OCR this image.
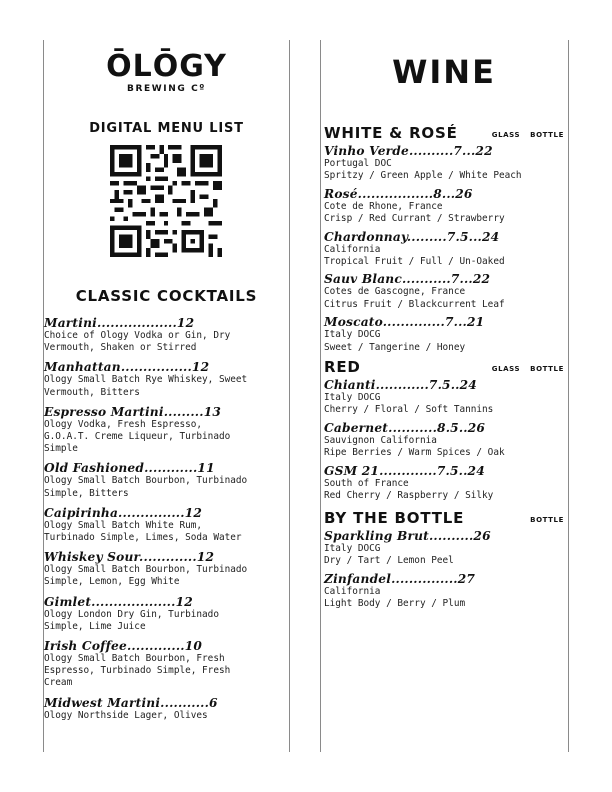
ŌLŌGY
BREWING Cº
DIGITAL MENU LIST
CLASSIC COCKTAILS
Martini..................12
Choice of Ology Vodka or Gin, Dry
Vermouth, Shaken or Stirred
Manhattan................12
Ology Small Batch Rye Whiskey, Sweet
Vermouth, Bitters
Espresso Martini.........13
Ology Vodka, Fresh Espresso,
G.O.A.T. Creme Liqueur, Turbinado
Simple
Old Fashioned............11
Ology Small Batch Bourbon, Turbinado
Simple, Bitters
Caipirinha...............12
Ology Small Batch White Rum,
Turbinado Simple, Limes, Soda Water
Whiskey Sour.............12
Ology Small Batch Bourbon, Turbinado
Simple, Lemon, Egg White
Gimlet...................12
Ology London Dry Gin, Turbinado
Simple, Lime Juice
Irish Coffee.............10
Ology Small Batch Bourbon, Fresh
Espresso, Turbinado Simple, Fresh
Cream
Midwest Martini...........6
Ology Northside Lager, Olives
WINE
WHITE & ROSÉ	GLASS BOTTLE
Vinho Verde..........7...22
Portugal DOC
Spritzy / Green Apple / White Peach
Rosé.................8...26
Cote de Rhone, France
Crisp / Red Currant / Strawberry
Chardonnay.........7.5...24
California
Tropical Fruit / Full / Un-Oaked
Sauv Blanc...........7...22
Cotes de Gascogne, France
Citrus Fruit / Blackcurrent Leaf
Moscato..............7...21
Italy DOCG
Sweet / Tangerine / Honey
RED	GLASS BOTTLE
Chianti............7.5..24
Italy DOCG
Cherry / Floral / Soft Tannins
Cabernet...........8.5..26
Sauvignon California
Ripe Berries / Warm Spices / Oak
GSM 21.............7.5..24
South of France
Red Cherry / Raspberry / Silky
BY THE BOTTLE	BOTTLE
Sparkling Brut..........26
Italy DOCG
Dry / Tart / Lemon Peel
Zinfandel...............27
California
Light Body / Berry / Plum
